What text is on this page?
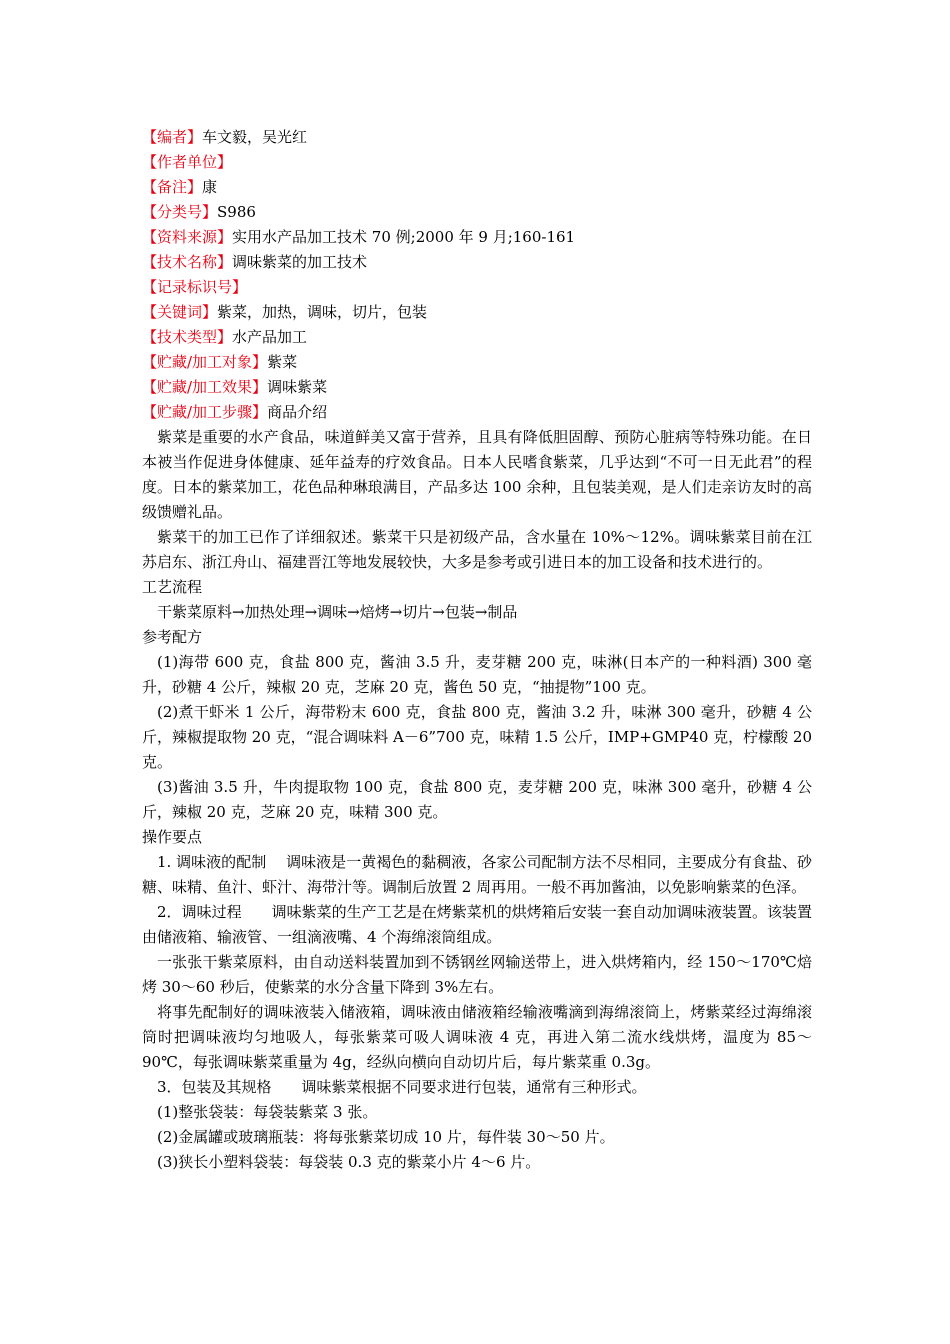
【编者】车文毅，吴光红
【作者单位】
【备注】康
【分类号】S986
【资料来源】实用水产品加工技术 70 例;2000 年 9 月;160-161
【技术名称】调味紫菜的加工技术
【记录标识号】
【关键词】紫菜，加热，调味，切片，包装
【技术类型】水产品加工
【贮藏/加工对象】紫菜
【贮藏/加工效果】调味紫菜
【贮藏/加工步骤】商品介绍

紫菜是重要的水产食品，味道鲜美又富于营养，且具有降低胆固醇、预防心脏病等特殊功能。在日本被当作促进身体健康、延年益寿的疗效食品。日本人民嗜食紫菜，几乎达到“不可一日无此君”的程度。日本的紫菜加工，花色品种琳琅满目，产品多达 100 余种，且包装美观，是人们走亲访友时的高级馈赠礼品。

紫菜干的加工已作了详细叙述。紫菜干只是初级产品，含水量在 10%～12%。调味紫菜目前在江苏启东、浙江舟山、福建晋江等地发展较快，大多是参考或引进日本的加工设备和技术进行的。

工艺流程

干紫菜原料→加热处理→调味→焙烤→切片→包装→制品

参考配方

(1)海带 600 克，食盐 800 克，酱油 3.5 升，麦芽糖 200 克，味淋(日本产的一种料酒) 300 毫升，砂糖 4 公斤，辣椒 20 克，芝麻 20 克，酱色 50 克，“抽提物”100 克。

(2)煮干虾米 1 公斤，海带粉末 600 克，食盐 800 克，酱油 3.2 升，味淋 300 毫升，砂糖 4 公斤，辣椒提取物 20 克，“混合调味料 A－6”700 克，味精 1.5 公斤，IMP+GMP40 克，柠檬酸 20 克。

(3)酱油 3.5 升，牛肉提取物 100 克，食盐 800 克，麦芽糖 200 克，味淋 300 毫升，砂糖 4 公斤，辣椒 20 克，芝麻 20 克，味精 300 克。

操作要点

1. 调味液的配制　 调味液是一黄褐色的黏稠液，各家公司配制方法不尽相同，主要成分有食盐、砂糖、味精、鱼汁、虾汁、海带汁等。调制后放置 2 周再用。一般不再加酱油，以免影响紫菜的色泽。

2．调味过程　　调味紫菜的生产工艺是在烤紫菜机的烘烤箱后安装一套自动加调味液装置。该装置由储液箱、输液管、一组滴液嘴、4 个海绵滚筒组成。

一张张干紫菜原料，由自动送料装置加到不锈钢丝网输送带上，进入烘烤箱内，经 150～170℃焙烤 30～60 秒后，使紫菜的水分含量下降到 3%左右。

将事先配制好的调味液装入储液箱，调味液由储液箱经输液嘴滴到海绵滚筒上，烤紫菜经过海绵滚筒时把调味液均匀地吸人，每张紫菜可吸人调味液 4 克，再进入第二流水线烘烤，温度为 85～90℃，每张调味紫菜重量为 4g，经纵向横向自动切片后，每片紫菜重 0.3g。

3．包装及其规格　　调味紫菜根据不同要求进行包装，通常有三种形式。

(1)整张袋装：每袋装紫菜 3 张。

(2)金属罐或玻璃瓶装：将每张紫菜切成 10 片，每件装 30～50 片。

(3)狭长小塑料袋装：每袋装 0.3 克的紫菜小片 4～6 片。
